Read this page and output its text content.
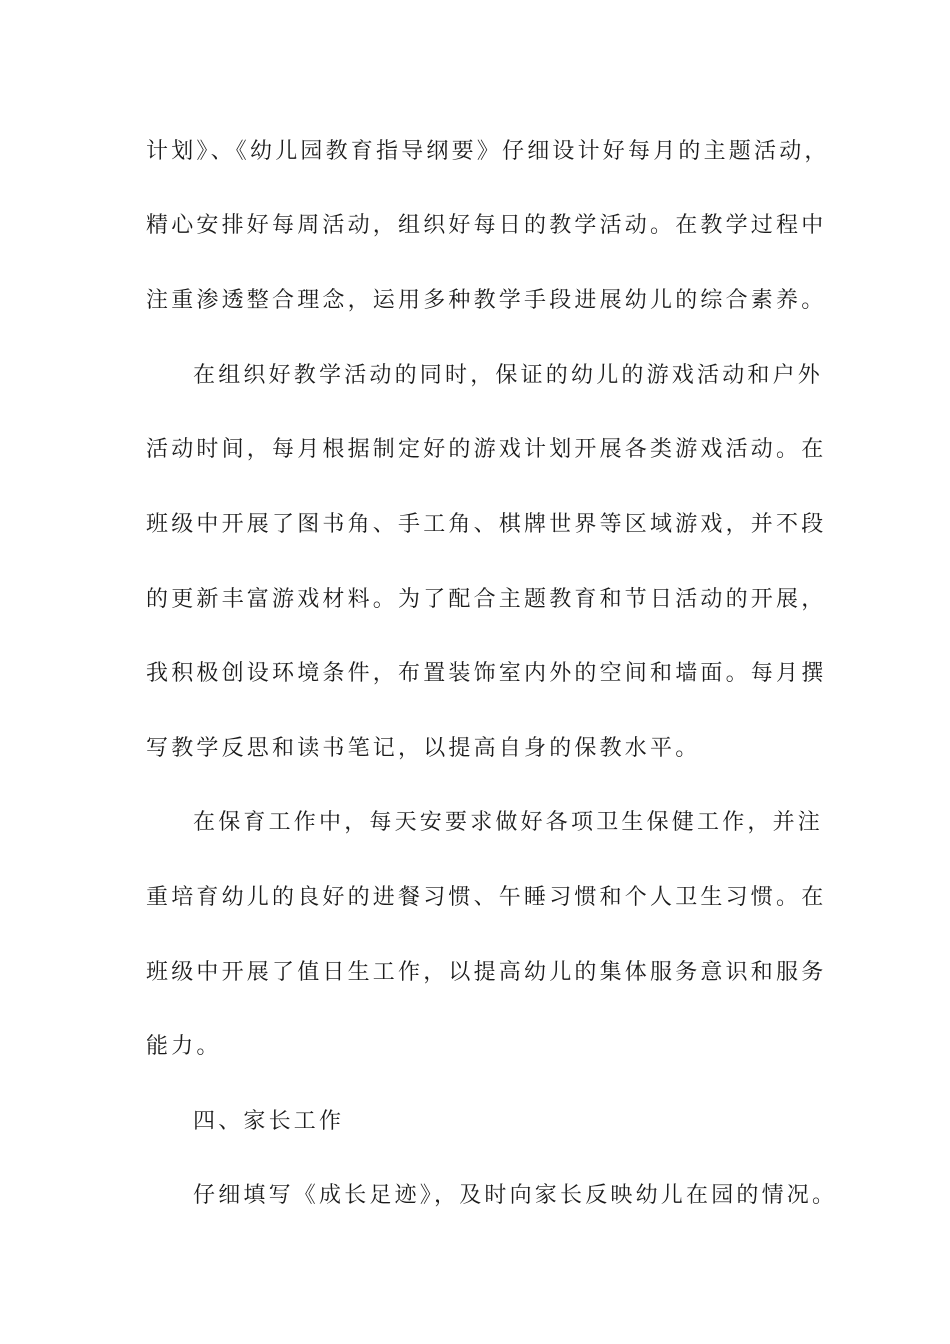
计划》、《幼儿园教育指导纲要》仔细设计好每月的主题活动，
精心安排好每周活动，组织好每日的教学活动。在教学过程中
注重渗透整合理念，运用多种教学手段进展幼儿的综合素养。
在组织好教学活动的同时，保证的幼儿的游戏活动和户外
活动时间，每月根据制定好的游戏计划开展各类游戏活动。在
班级中开展了图书角、手工角、棋牌世界等区域游戏，并不段
的更新丰富游戏材料。为了配合主题教育和节日活动的开展，
我积极创设环境条件，布置装饰室内外的空间和墙面。每月撰
写教学反思和读书笔记，以提高自身的保教水平。
在保育工作中，每天安要求做好各项卫生保健工作，并注
重培育幼儿的良好的进餐习惯、午睡习惯和个人卫生习惯。在
班级中开展了值日生工作，以提高幼儿的集体服务意识和服务
能力。
四、家长工作
仔细填写《成长足迹》，及时向家长反映幼儿在园的情况。
